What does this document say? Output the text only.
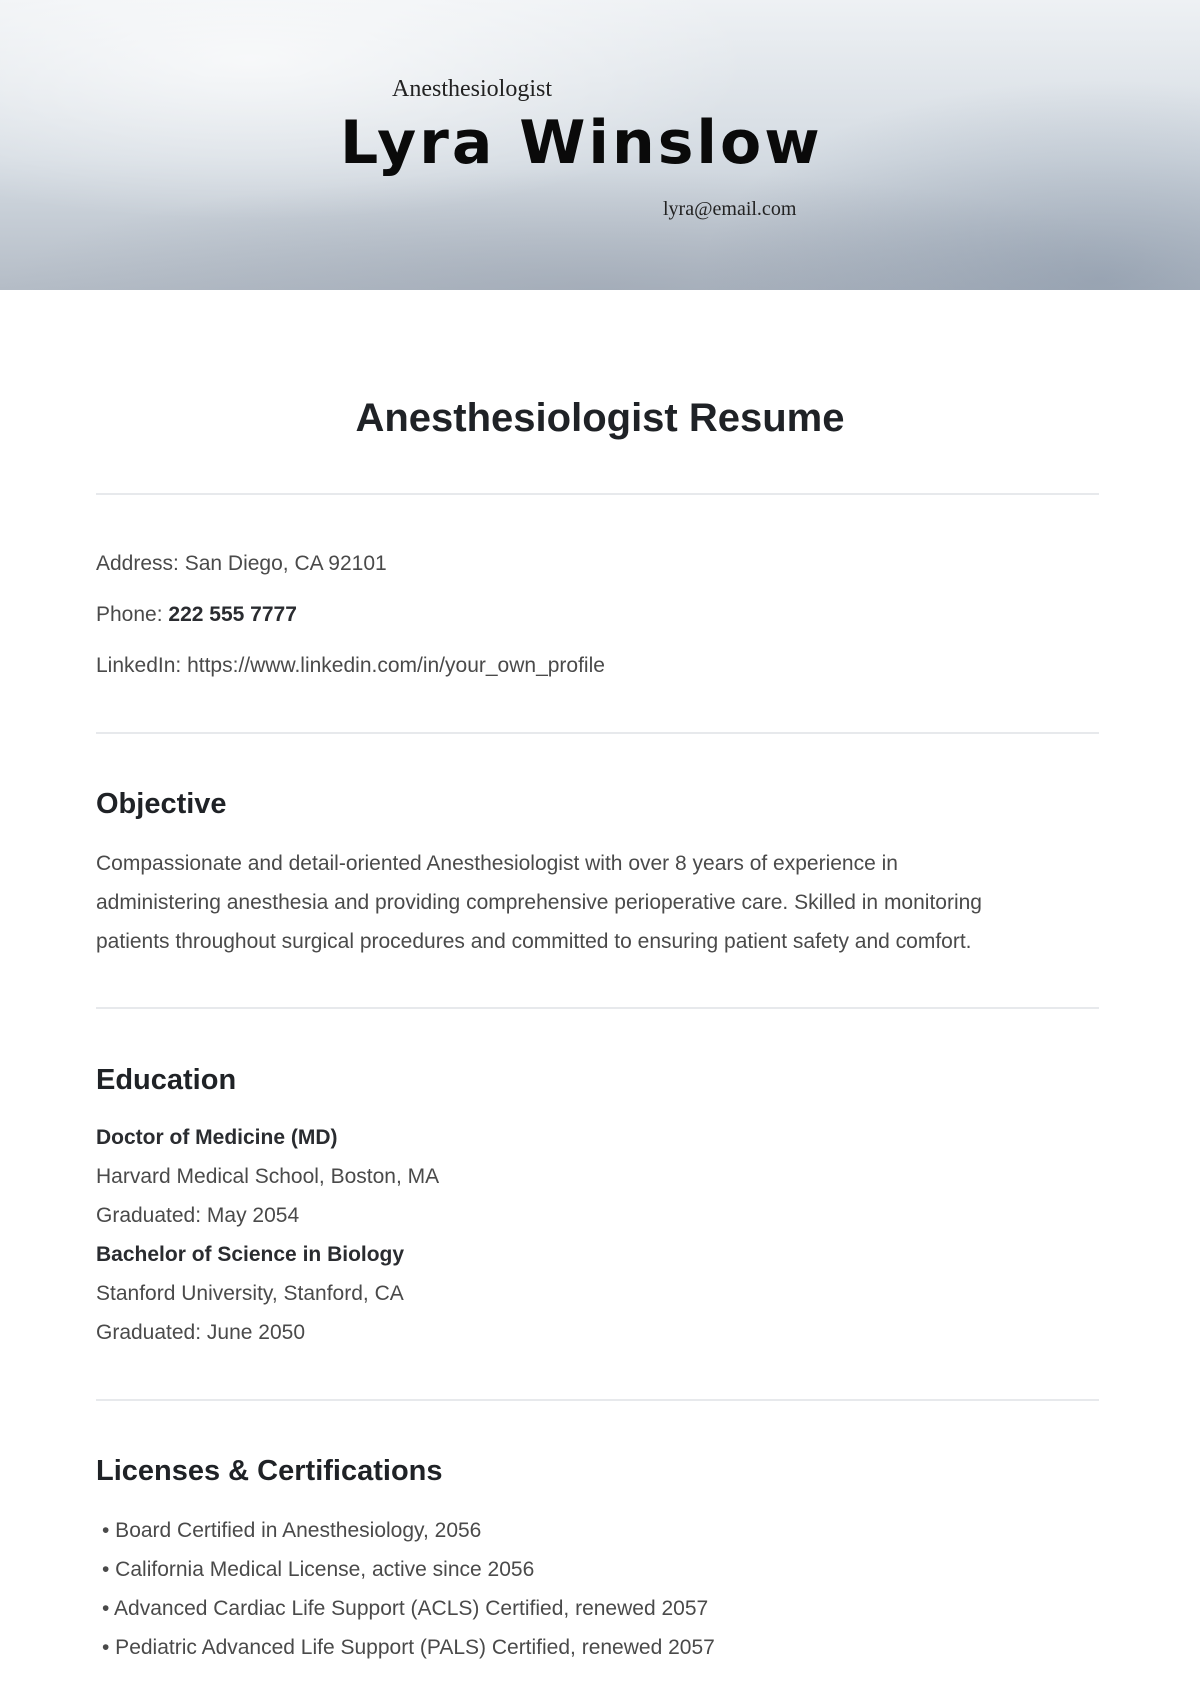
Anesthesiologist
Lyra Winslow
lyra@email.com
Anesthesiologist Resume
Address: San Diego, CA 92101
Phone: 222 555 7777
LinkedIn: https://www.linkedin.com/in/your_own_profile
Objective
Compassionate and detail-oriented Anesthesiologist with over 8 years of experience in
administering anesthesia and providing comprehensive perioperative care. Skilled in monitoring
patients throughout surgical procedures and committed to ensuring patient safety and comfort.
Education
Doctor of Medicine (MD)
Harvard Medical School, Boston, MA
Graduated: May 2054
Bachelor of Science in Biology
Stanford University, Stanford, CA
Graduated: June 2050
Licenses & Certifications
• Board Certified in Anesthesiology, 2056
• California Medical License, active since 2056
• Advanced Cardiac Life Support (ACLS) Certified, renewed 2057
• Pediatric Advanced Life Support (PALS) Certified, renewed 2057
